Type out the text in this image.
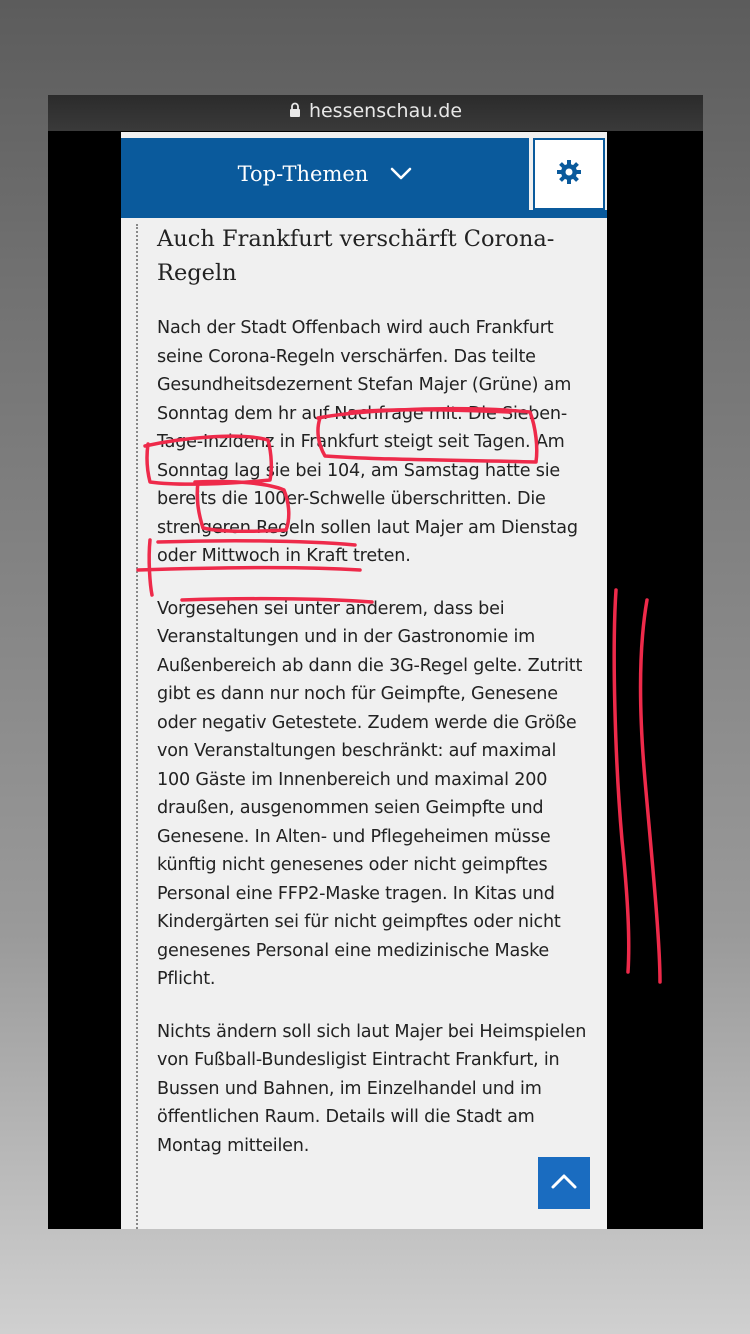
hessenschau.de
Top-Themen
Auch Frankfurt verschärft Corona-Regeln

Nach der Stadt Offenbach wird auch Frankfurt seine Corona-Regeln verschärfen. Das teilte Gesundheitsdezernent Stefan Majer (Grüne) am Sonntag dem hr auf Nachfrage mit. Die Sieben-Tage-Inzidenz in Frankfurt steigt seit Tagen. Am Sonntag lag sie bei 104, am Samstag hatte sie bereits die 100er-Schwelle überschritten. Die strengeren Regeln sollen laut Majer am Dienstag oder Mittwoch in Kraft treten.

Vorgesehen sei unter anderem, dass bei Veranstaltungen und in der Gastronomie im Außenbereich ab dann die 3G-Regel gelte. Zutritt gibt es dann nur noch für Geimpfte, Genesene oder negativ Getestete. Zudem werde die Größe von Veranstaltungen beschränkt: auf maximal 100 Gäste im Innenbereich und maximal 200 draußen, ausgenommen seien Geimpfte und Genesene. In Alten- und Pflegeheimen müsse künftig nicht genesenes oder nicht geimpftes Personal eine FFP2-Maske tragen. In Kitas und Kindergärten sei für nicht geimpftes oder nicht genesenes Personal eine medizinische Maske Pflicht.

Nichts ändern soll sich laut Majer bei Heimspielen von Fußball-Bundesligist Eintracht Frankfurt, in Bussen und Bahnen, im Einzelhandel und im öffentlichen Raum. Details will die Stadt am Montag mitteilen.
